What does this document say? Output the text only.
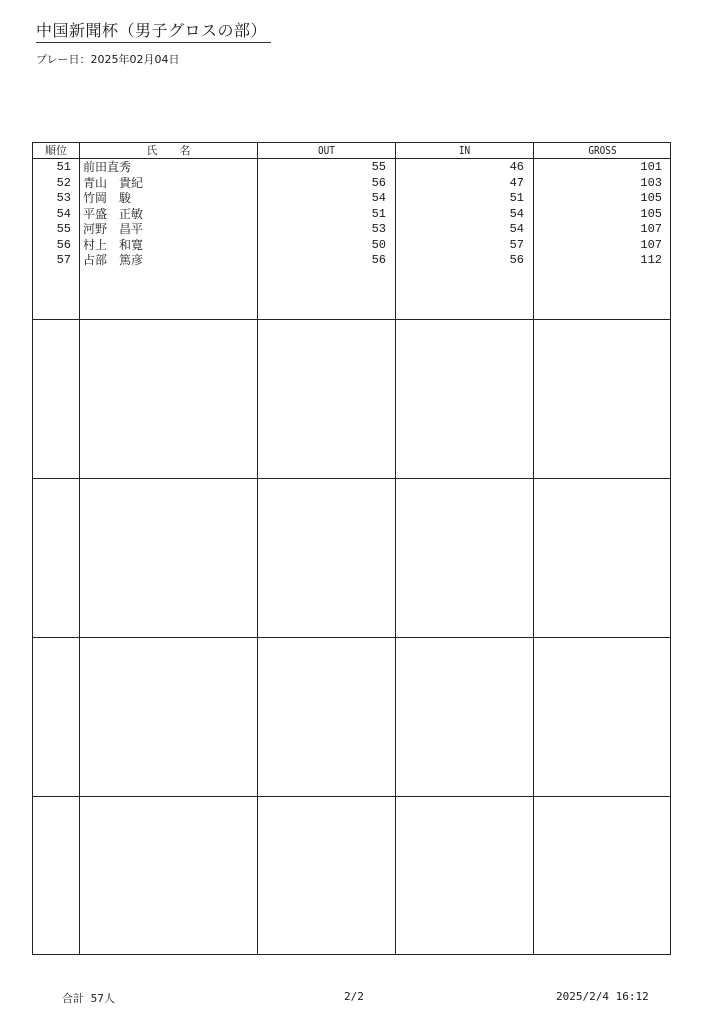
中国新聞杯（男子グロスの部）
プレー日：2025年02月04日
順位	氏　　名	OUT	IN	GROSS
51 前田直秀	55	46	101
52 青山　貴紀	56	47	103
53 竹岡　駿	54	51	105
54 平盛　正敏	51	54	105
55 河野　昌平	53	54	107
56 村上　和寛	50	57	107
57 占部　篤彦	56	56	112
合計 57人	2/2	2025/2/4 16:12
